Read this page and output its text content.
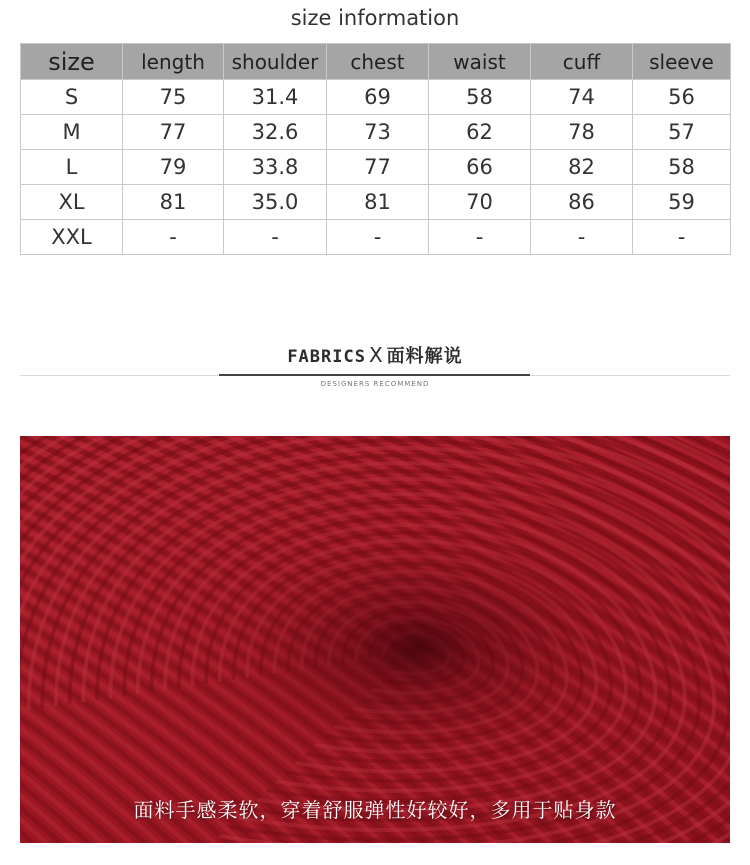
size information
size	length	shoulder	chest	waist	cuff	sleeve
S	75	31.4	69	58	74	56
M	77	32.6	73	62	78	57
L	79	33.8	77	66	82	58
XL	81	35.0	81	70	86	59
XXL	-	-	-	-	-	-
FABRICS X 面料解说
DESIGNERS RECOMMEND
面料手感柔软，穿着舒服弹性好较好，多用于贴身款
